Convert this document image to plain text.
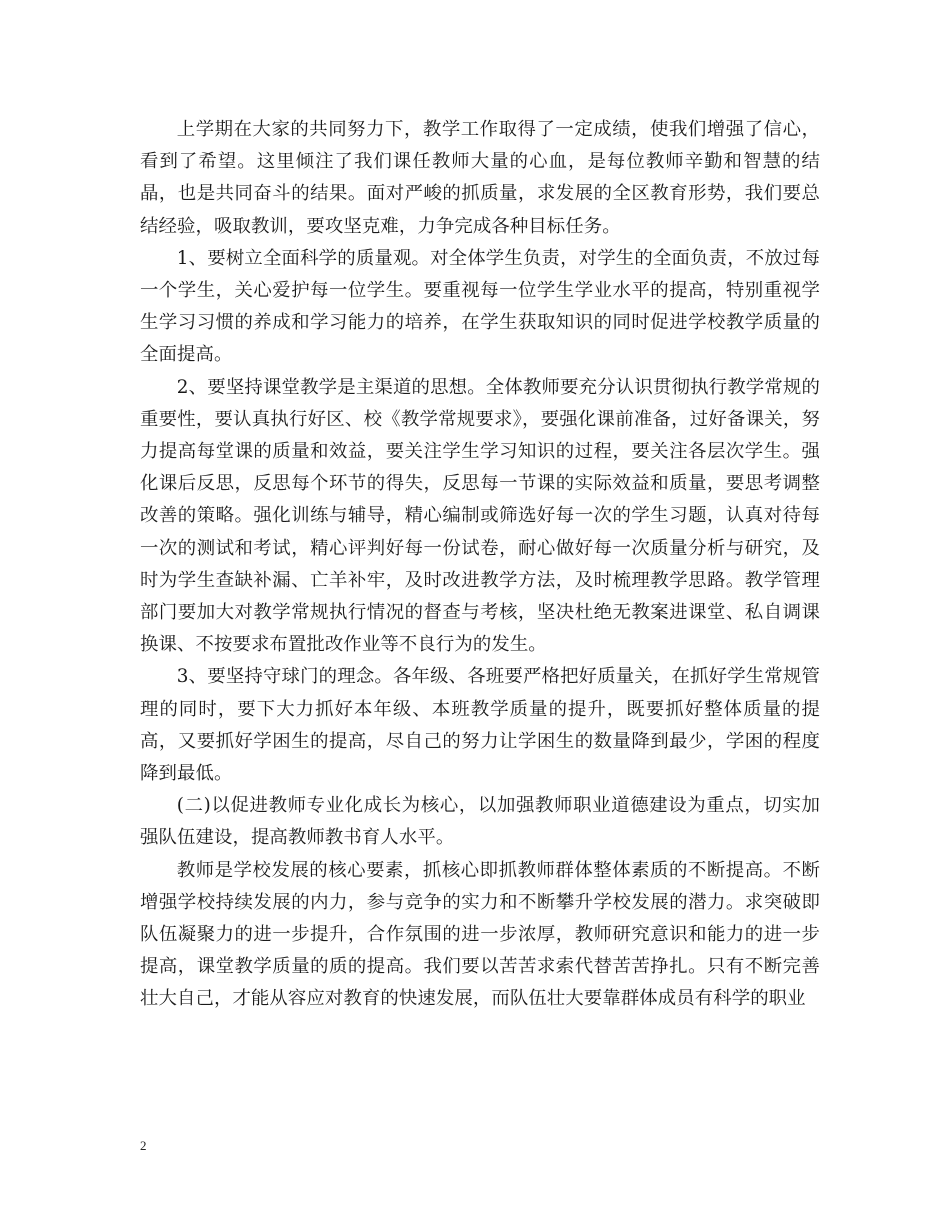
上学期在大家的共同努力下，教学工作取得了一定成绩，使我们增强了信心，看到了希望。这里倾注了我们课任教师大量的心血，是每位教师辛勤和智慧的结晶，也是共同奋斗的结果。面对严峻的抓质量，求发展的全区教育形势，我们要总结经验，吸取教训，要攻坚克难，力争完成各种目标任务。

1、要树立全面科学的质量观。对全体学生负责，对学生的全面负责，不放过每一个学生，关心爱护每一位学生。要重视每一位学生学业水平的提高，特别重视学生学习习惯的养成和学习能力的培养，在学生获取知识的同时促进学校教学质量的全面提高。

2、要坚持课堂教学是主渠道的思想。全体教师要充分认识贯彻执行教学常规的重要性，要认真执行好区、校《教学常规要求》，要强化课前准备，过好备课关，努力提高每堂课的质量和效益，要关注学生学习知识的过程，要关注各层次学生。强化课后反思，反思每个环节的得失，反思每一节课的实际效益和质量，要思考调整改善的策略。强化训练与辅导，精心编制或筛选好每一次的学生习题，认真对待每一次的测试和考试，精心评判好每一份试卷，耐心做好每一次质量分析与研究，及时为学生查缺补漏、亡羊补牢，及时改进教学方法，及时梳理教学思路。教学管理部门要加大对教学常规执行情况的督查与考核，坚决杜绝无教案进课堂、私自调课换课、不按要求布置批改作业等不良行为的发生。

3、要坚持守球门的理念。各年级、各班要严格把好质量关，在抓好学生常规管理的同时，要下大力抓好本年级、本班教学质量的提升，既要抓好整体质量的提高，又要抓好学困生的提高，尽自己的努力让学困生的数量降到最少，学困的程度降到最低。

(二)以促进教师专业化成长为核心，以加强教师职业道德建设为重点，切实加强队伍建设，提高教师教书育人水平。

教师是学校发展的核心要素，抓核心即抓教师群体整体素质的不断提高。不断增强学校持续发展的内力，参与竞争的实力和不断攀升学校发展的潜力。求突破即队伍凝聚力的进一步提升，合作氛围的进一步浓厚，教师研究意识和能力的进一步提高，课堂教学质量的质的提高。我们要以苦苦求索代替苦苦挣扎。只有不断完善壮大自己，才能从容应对教育的快速发展，而队伍壮大要靠群体成员有科学的职业

2
